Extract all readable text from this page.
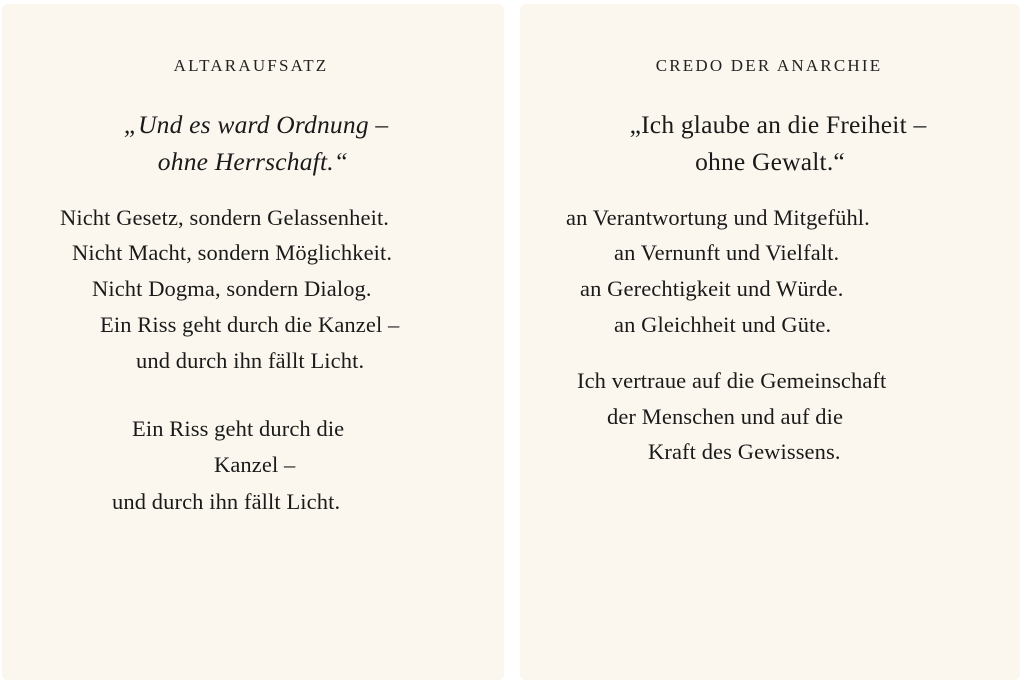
ALTARAUFSATZ
„Und es ward Ordnung –
ohne Herrschaft.“
Nicht Gesetz, sondern Gelassenheit.
Nicht Macht, sondern Möglichkeit.
Nicht Dogma, sondern Dialog.
Ein Riss geht durch die Kanzel –
und durch ihn fällt Licht.
Ein Riss geht durch die
Kanzel –
und durch ihn fällt Licht.
CREDO DER ANARCHIE
„Ich glaube an die Freiheit –
ohne Gewalt.“
an Verantwortung und Mitgefühl.
an Vernunft und Vielfalt.
an Gerechtigkeit und Würde.
an Gleichheit und Güte.
Ich vertraue auf die Gemeinschaft
der Menschen und auf die
Kraft des Gewissens.
